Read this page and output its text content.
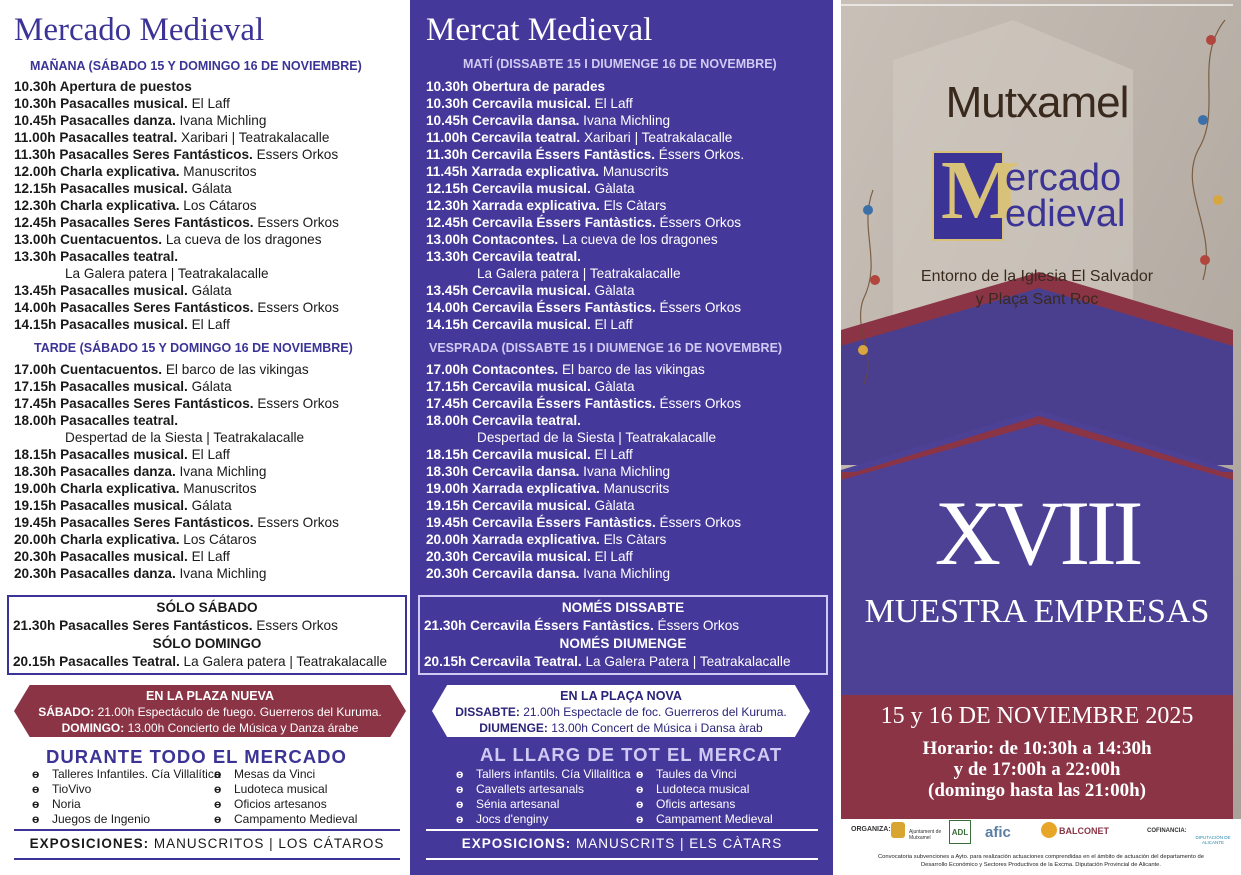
Mercado Medieval
MAÑANA (SÁBADO 15 Y DOMINGO 16 DE NOVIEMBRE)
10.30h Apertura de puestos
10.30h Pasacalles musical. El Laff
10.45h Pasacalles danza. Ivana Michling
11.00h Pasacalles teatral. Xaribari | Teatrakalacalle
11.30h Pasacalles Seres Fantásticos. Essers Orkos
12.00h Charla explicativa. Manuscritos
12.15h Pasacalles musical. Gálata
12.30h Charla explicativa. Los Cátaros
12.45h Pasacalles Seres Fantásticos. Essers Orkos
13.00h Cuentacuentos. La cueva de los dragones
13.30h Pasacalles teatral.
La Galera patera | Teatrakalacalle
13.45h Pasacalles musical. Gálata
14.00h Pasacalles Seres Fantásticos. Essers Orkos
14.15h Pasacalles musical. El Laff
TARDE (SÁBADO 15 Y DOMINGO 16 DE NOVIEMBRE)
17.00h Cuentacuentos. El barco de las vikingas
17.15h Pasacalles musical. Gálata
17.45h Pasacalles Seres Fantásticos. Essers Orkos
18.00h Pasacalles teatral.
Despertad de la Siesta | Teatrakalacalle
18.15h Pasacalles musical. El Laff
18.30h Pasacalles danza. Ivana Michling
19.00h Charla explicativa. Manuscritos
19.15h Pasacalles musical. Gálata
19.45h Pasacalles Seres Fantásticos. Essers Orkos
20.00h Charla explicativa. Los Cátaros
20.30h Pasacalles musical. El Laff
20.30h Pasacalles danza. Ivana Michling
SÓLO SÁBADO
21.30h Pasacalles Seres Fantásticos. Essers Orkos
SÓLO DOMINGO
20.15h Pasacalles Teatral. La Galera patera | Teatrakalacalle
EN LA PLAZA NUEVA
SÁBADO: 21.00h Espectáculo de fuego. Guerreros del Kuruma.
DOMINGO: 13.00h Concierto de Música y Danza árabe
DURANTE TODO EL MERCADO
ɵ Talleres Infantiles. Cía Villalítica
ɵ TioVivo
ɵ Noria
ɵ Juegos de Ingenio
ɵ Mesas da Vinci
ɵ Ludoteca musical
ɵ Oficios artesanos
ɵ Campamento Medieval
EXPOSICIONES: MANUSCRITOS | LOS CÁTAROS
Mercat Medieval
MATÍ (DISSABTE 15 I DIUMENGE 16 DE NOVEMBRE)
10.30h Obertura de parades
10.30h Cercavila musical. El Laff
10.45h Cercavila dansa. Ivana Michling
11.00h Cercavila teatral. Xaribari | Teatrakalacalle
11.30h Cercavila Éssers Fantàstics. Éssers Orkos.
11.45h Xarrada explicativa. Manuscrits
12.15h Cercavila musical. Gàlata
12.30h Xarrada explicativa. Els Càtars
12.45h Cercavila Éssers Fantàstics. Éssers Orkos
13.00h Contacontes. La cueva de los dragones
13.30h Cercavila teatral.
La Galera patera | Teatrakalacalle
13.45h Cercavila musical. Gàlata
14.00h Cercavila Éssers Fantàstics. Éssers Orkos
14.15h Cercavila musical. El Laff
VESPRADA (DISSABTE 15 I DIUMENGE 16 DE NOVEMBRE)
17.00h Contacontes. El barco de las vikingas
17.15h Cercavila musical. Gàlata
17.45h Cercavila Éssers Fantàstics. Éssers Orkos
18.00h Cercavila teatral.
Despertad de la Siesta | Teatrakalacalle
18.15h Cercavila musical. El Laff
18.30h Cercavila dansa. Ivana Michling
19.00h Xarrada explicativa. Manuscrits
19.15h Cercavila musical. Gàlata
19.45h Cercavila Éssers Fantàstics. Éssers Orkos
20.00h Xarrada explicativa. Els Càtars
20.30h Cercavila musical. El Laff
20.30h Cercavila dansa. Ivana Michling
NOMÉS DISSABTE
21.30h Cercavila Éssers Fantàstics. Éssers Orkos
NOMÉS DIUMENGE
20.15h Cercavila Teatral. La Galera Patera | Teatrakalacalle
EN LA PLAÇA NOVA
DISSABTE: 21.00h Espectacle de foc. Guerreros del Kuruma.
DIUMENGE: 13.00h Concert de Música i Dansa àrab
AL LLARG DE TOT EL MERCAT
ɵ Tallers infantils. Cía Villalítica
ɵ Cavallets artesanals
ɵ Sénia artesanal
ɵ Jocs d'enginy
ɵ Taules da Vinci
ɵ Ludoteca musical
ɵ Oficis artesans
ɵ Campament Medieval
EXPOSICIONS: MANUSCRITS | ELS CÀTARS
Mutxamel
M
ercado
edieval
Entorno de la Iglesia El Salvador
y Plaça Sant Roc
XVIII
MUESTRA EMPRESAS
15 y 16 DE NOVIEMBRE 2025
Horario: de 10:30h a 14:30h
y de 17:00h a 22:00h
(domingo hasta las 21:00h)
ORGANIZA:	Ajuntament de Mutxamel
ADL afic	BALCONET	COFINANCIA:
DIPUTACIÓN DE ALICANTE
Convocatoria subvenciones a Ayto. para realización actuaciones comprendidas en el ámbito de actuación del departamento de
Desarrollo Económico y Sectores Productivos de la Excma. Diputación Provincial de Alicante.
